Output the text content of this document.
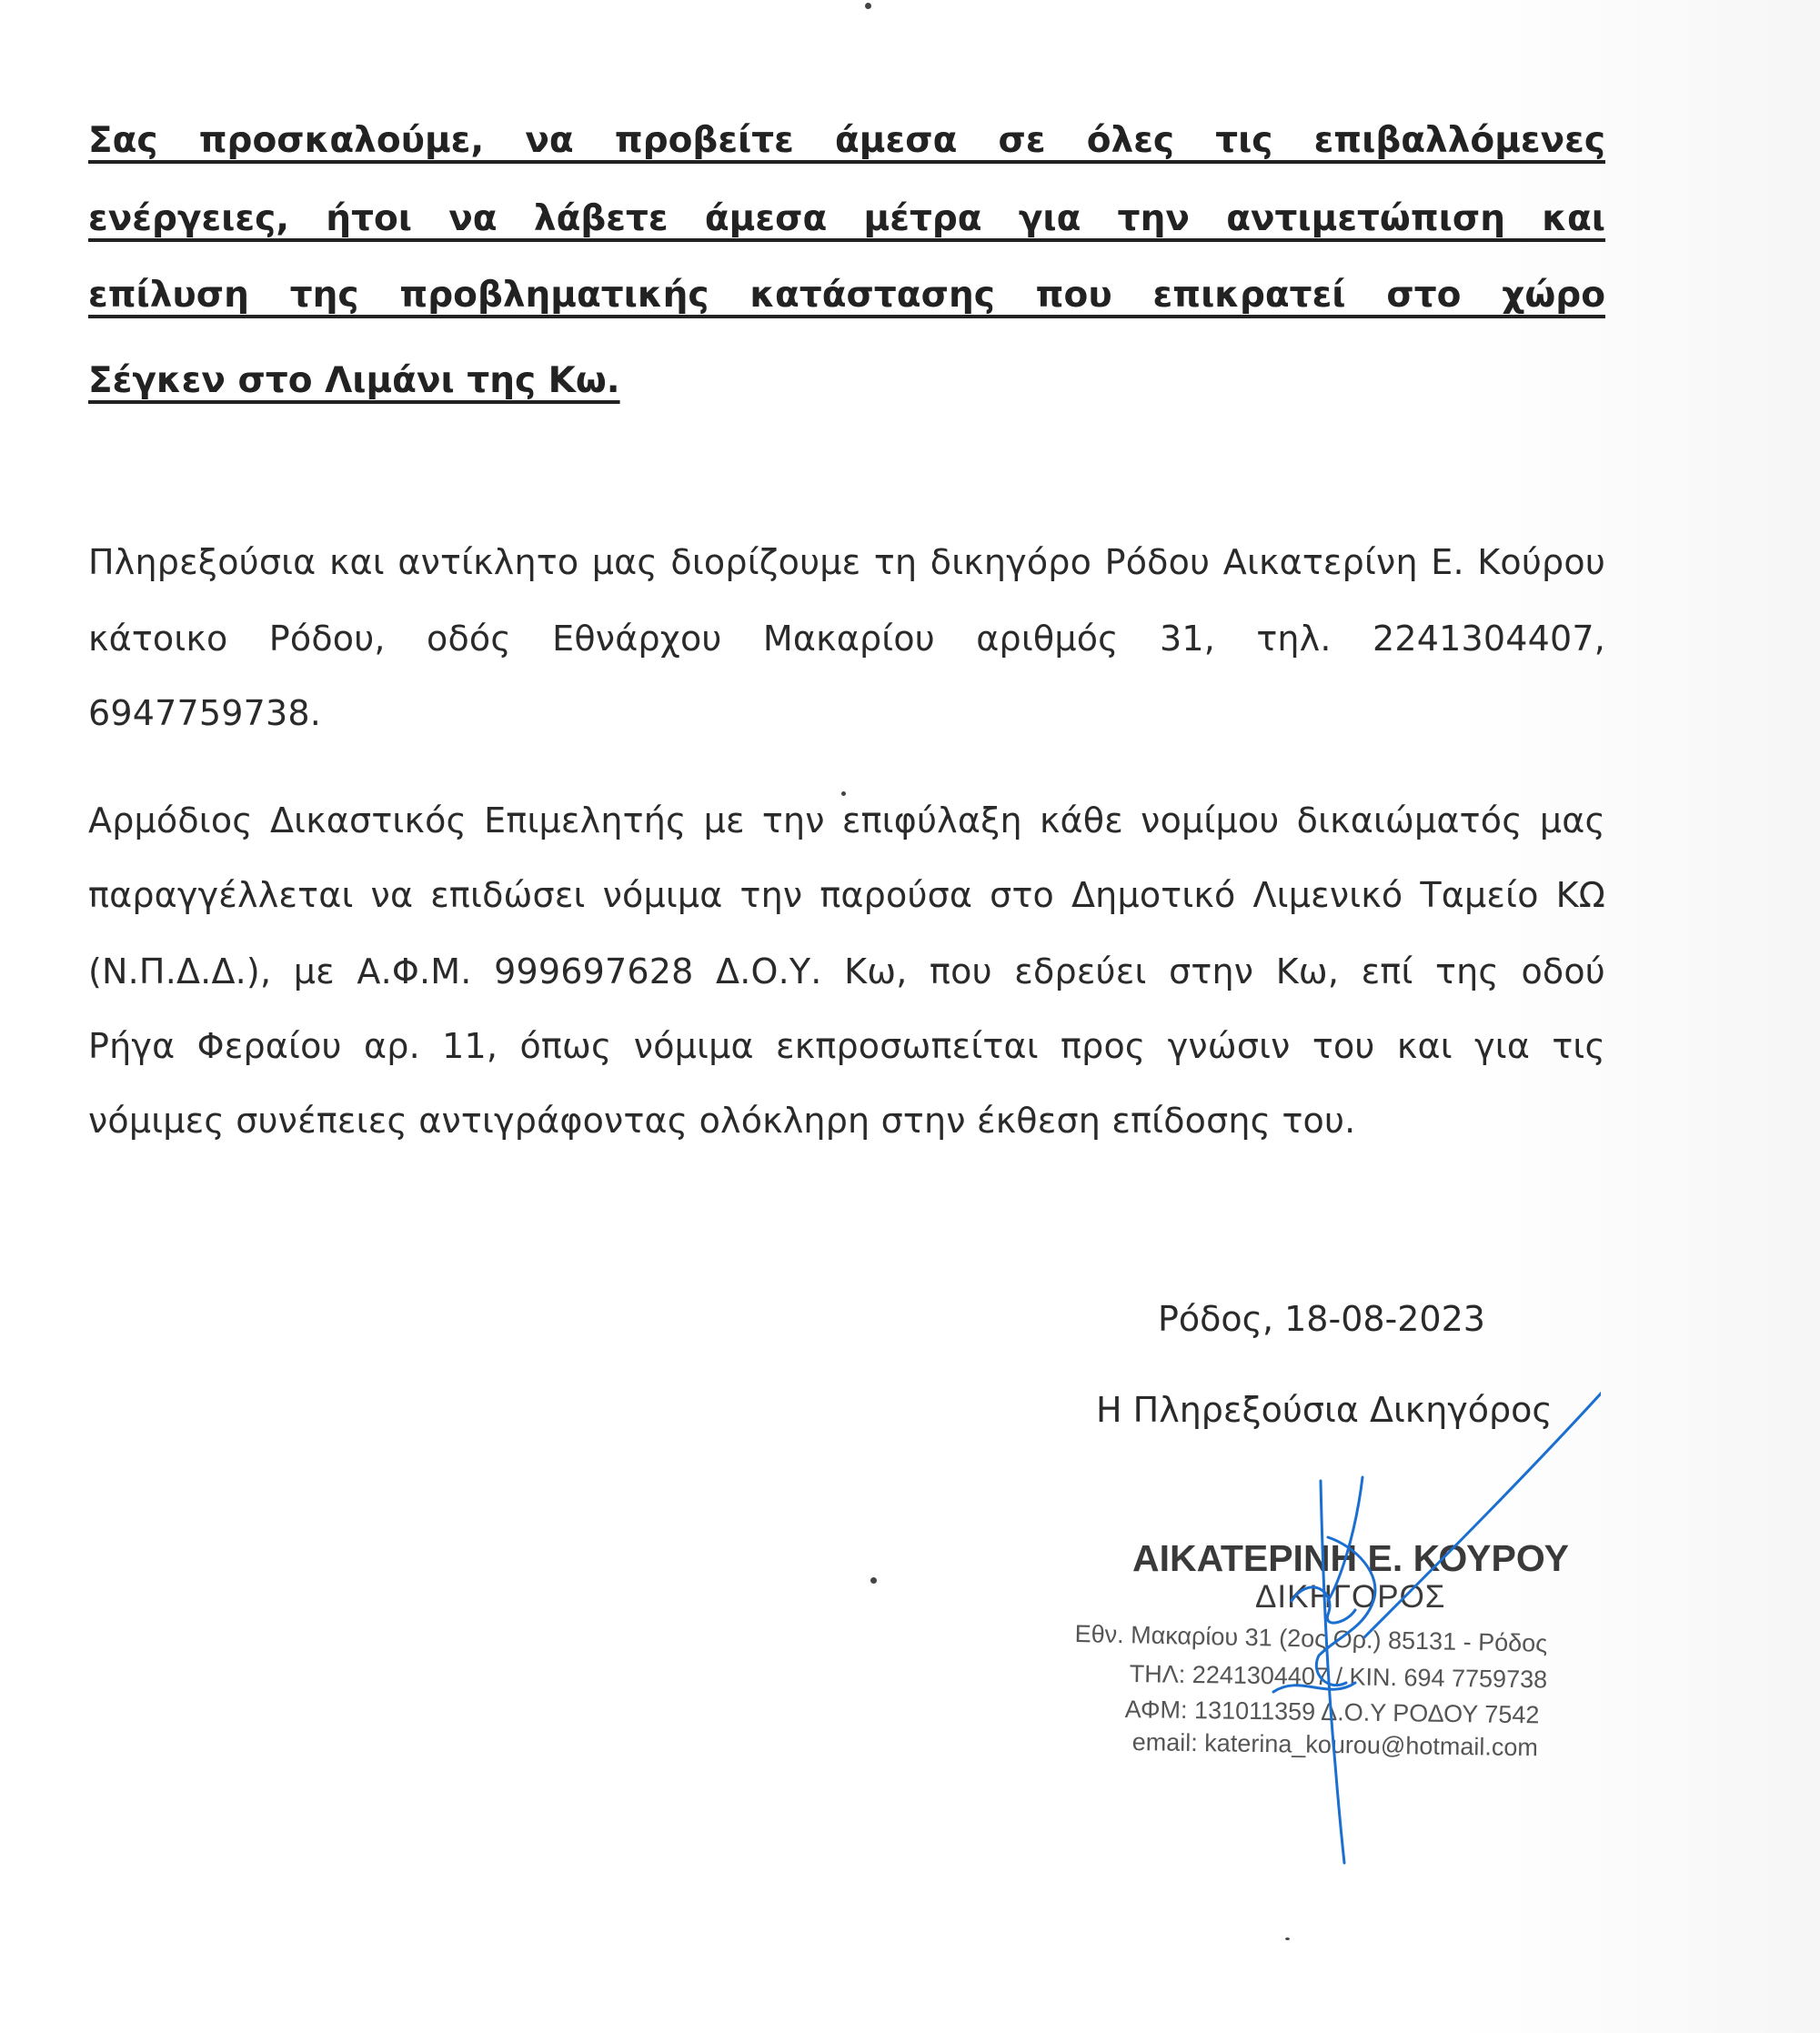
Σας προσκαλούμε, να προβείτε άμεσα σε όλες τις επιβαλλόμενες
ενέργειες, ήτοι να λάβετε άμεσα μέτρα για την αντιμετώπιση και
επίλυση της προβληματικής κατάστασης που επικρατεί στο χώρο
Σέγκεν στο Λιμάνι της Κω.
Πληρεξούσια και αντίκλητο μας διορίζουμε τη δικηγόρο Ρόδου Αικατερίνη Ε. Κούρου
κάτοικο Ρόδου, οδός Εθνάρχου Μακαρίου αριθμός 31, τηλ. 2241304407,
6947759738.
Αρμόδιος Δικαστικός Επιμελητής με την επιφύλαξη κάθε νομίμου δικαιώματός μας
παραγγέλλεται να επιδώσει νόμιμα την παρούσα στο Δημοτικό Λιμενικό Ταμείο ΚΩ
(Ν.Π.Δ.Δ.), με Α.Φ.Μ. 999697628 Δ.Ο.Υ. Κω, που εδρεύει στην Κω, επί της οδού
Ρήγα Φεραίου αρ. 11, όπως νόμιμα εκπροσωπείται προς γνώσιν του και για τις
νόμιμες συνέπειες αντιγράφοντας ολόκληρη στην έκθεση επίδοσης του.
Ρόδος, 18-08-2023
Η Πληρεξούσια Δικηγόρος
ΑΙΚΑΤΕΡΙΝΗ Ε. ΚΟΥΡΟΥ
ΔΙΚΗΓΟΡΟΣ
Εθν. Μακαρίου 31 (2ος Ορ.) 85131 - Ρόδος
ΤΗΛ: 2241304407 / ΚΙΝ. 694 7759738
ΑΦΜ: 131011359 Δ.Ο.Υ ΡΟΔΟΥ 7542
email: katerina_kourou@hotmail.com
